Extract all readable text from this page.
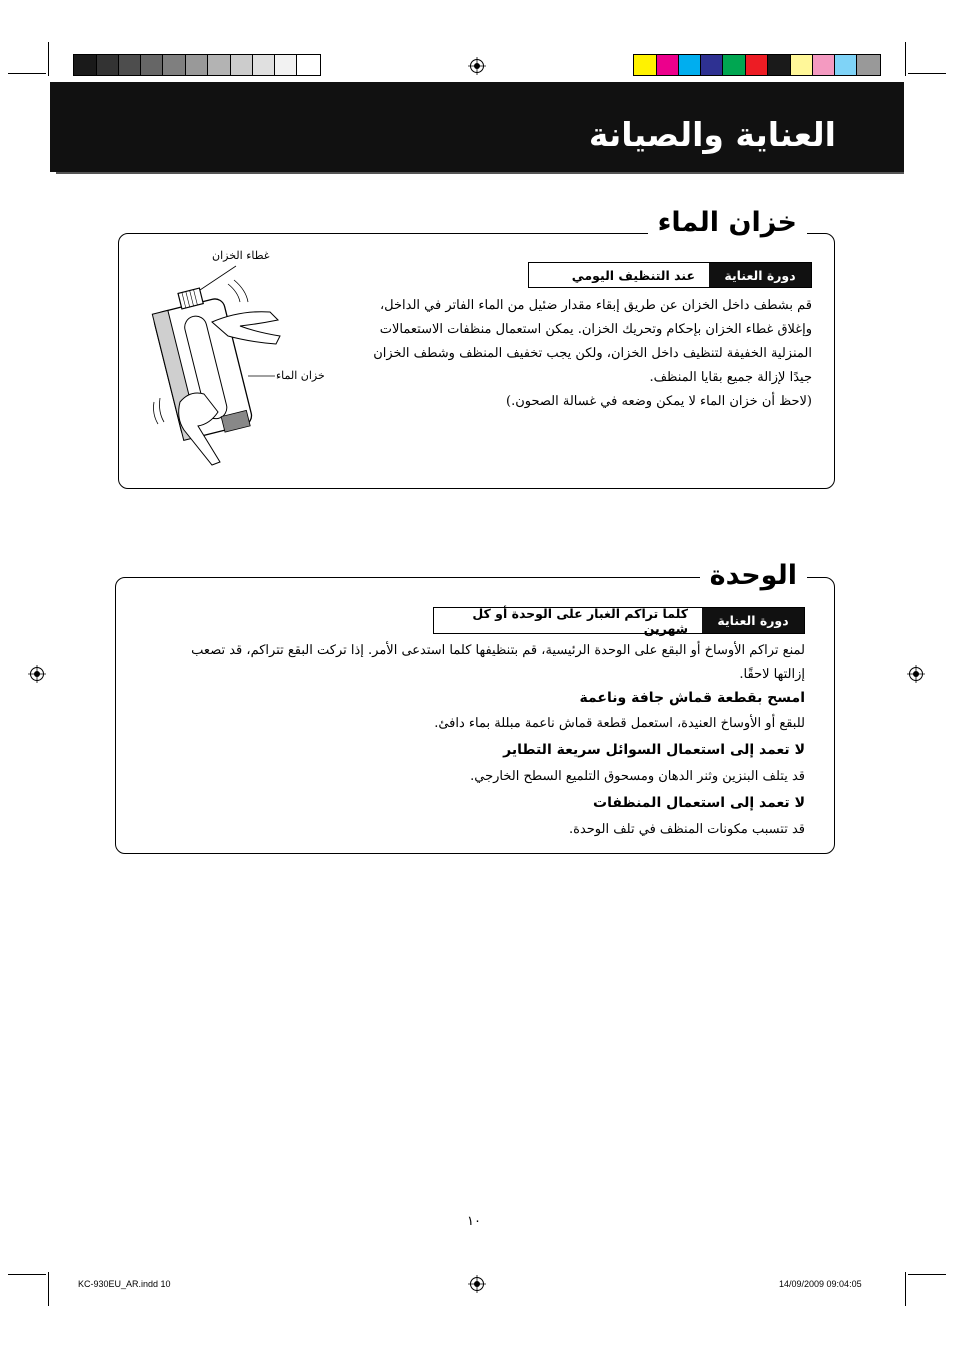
العناية والصيانة
خزان الماء
دورة العناية
عند التنظيف اليومي
قم بشطف داخل الخزان عن طريق إبقاء مقدار ضئيل من الماء الفاتر في الداخل،
وإغلاق غطاء الخزان بإحكام وتحريك الخزان. يمكن استعمال منظفات الاستعمالات
المنزلية الخفيفة لتنظيف داخل الخزان، ولكن يجب تخفيف المنظف وشطف الخزان
جيدًا لإزالة جميع بقايا المنظف.
(لاحظ أن خزان الماء لا يمكن وضعه في غسالة الصحون.)
غطاء الخزان
خزان الماء
الوحدة
دورة العناية
كلما تراكم الغبار على الوحدة أو كل شهرين
لمنع تراكم الأوساخ أو البقع على الوحدة الرئيسية، قم بتنظيفها كلما استدعى الأمر. إذا تركت البقع تتراكم، قد تصعب
إزالتها لاحقًا.
امسح بقطعة قماش جافة وناعمة
للبقع أو الأوساخ العنيدة، استعمل قطعة قماش ناعمة مبللة بماء دافئ.
لا تعمد إلى استعمال السوائل سريعة التطاير
قد يتلف البنزين وثنر الدهان ومسحوق التلميع السطح الخارجي.
لا تعمد إلى استعمال المنظفات
قد تتسبب مكونات المنظف في تلف الوحدة.
١٠
KC-930EU_AR.indd 10	14/09/2009 09:04:05
